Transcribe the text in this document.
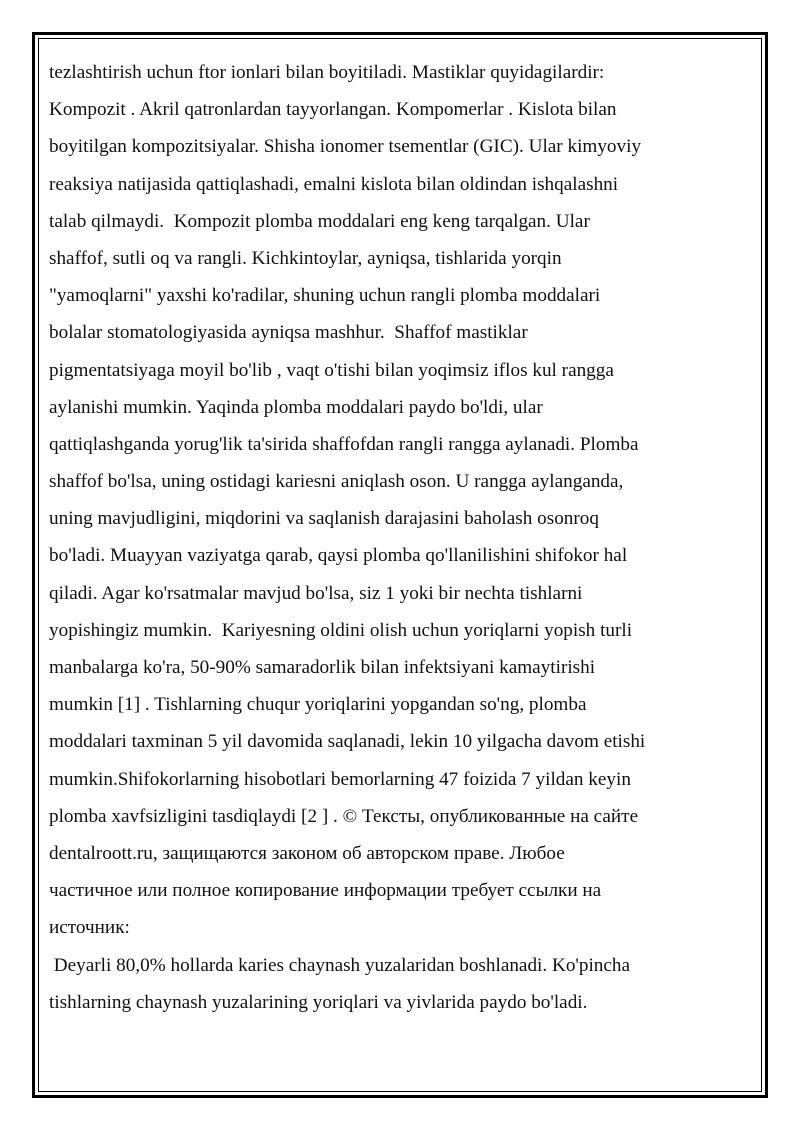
tezlashtirish uchun ftor ionlari bilan boyitiladi. Mastiklar quyidagilardir:
Kompozit . Akril qatronlardan tayyorlangan. Kompomerlar . Kislota bilan
boyitilgan kompozitsiyalar. Shisha ionomer tsementlar (GIC). Ular kimyoviy
reaksiya natijasida qattiqlashadi, emalni kislota bilan oldindan ishqalashni
talab qilmaydi.  Kompozit plomba moddalari eng keng tarqalgan. Ular
shaffof, sutli oq va rangli. Kichkintoylar, ayniqsa, tishlarida yorqin
"yamoqlarni" yaxshi ko'radilar, shuning uchun rangli plomba moddalari
bolalar stomatologiyasida ayniqsa mashhur.  Shaffof mastiklar
pigmentatsiyaga moyil bo'lib , vaqt o'tishi bilan yoqimsiz iflos kul rangga
aylanishi mumkin. Yaqinda plomba moddalari paydo bo'ldi, ular
qattiqlashganda yorug'lik ta'sirida shaffofdan rangli rangga aylanadi. Plomba
shaffof bo'lsa, uning ostidagi kariesni aniqlash oson. U rangga aylanganda,
uning mavjudligini, miqdorini va saqlanish darajasini baholash osonroq
bo'ladi. Muayyan vaziyatga qarab, qaysi plomba qo'llanilishini shifokor hal
qiladi. Agar ko'rsatmalar mavjud bo'lsa, siz 1 yoki bir nechta tishlarni
yopishingiz mumkin.  Kariyesning oldini olish uchun yoriqlarni yopish turli
manbalarga ko'ra, 50-90% samaradorlik bilan infektsiyani kamaytirishi
mumkin [1] . Tishlarning chuqur yoriqlarini yopgandan so'ng, plomba
moddalari taxminan 5 yil davomida saqlanadi, lekin 10 yilgacha davom etishi
mumkin.Shifokorlarning hisobotlari bemorlarning 47 foizida 7 yildan keyin
plomba xavfsizligini tasdiqlaydi [2 ] . © Тексты, опубликованные на сайте
dentalroott.ru, защищаются законом об авторском праве. Любое
частичное или полное копирование информации требует ссылки на
источник:
Deyarli 80,0% hollarda karies chaynash yuzalaridan boshlanadi. Ko'pincha
tishlarning chaynash yuzalarining yoriqlari va yivlarida paydo bo'ladi.
